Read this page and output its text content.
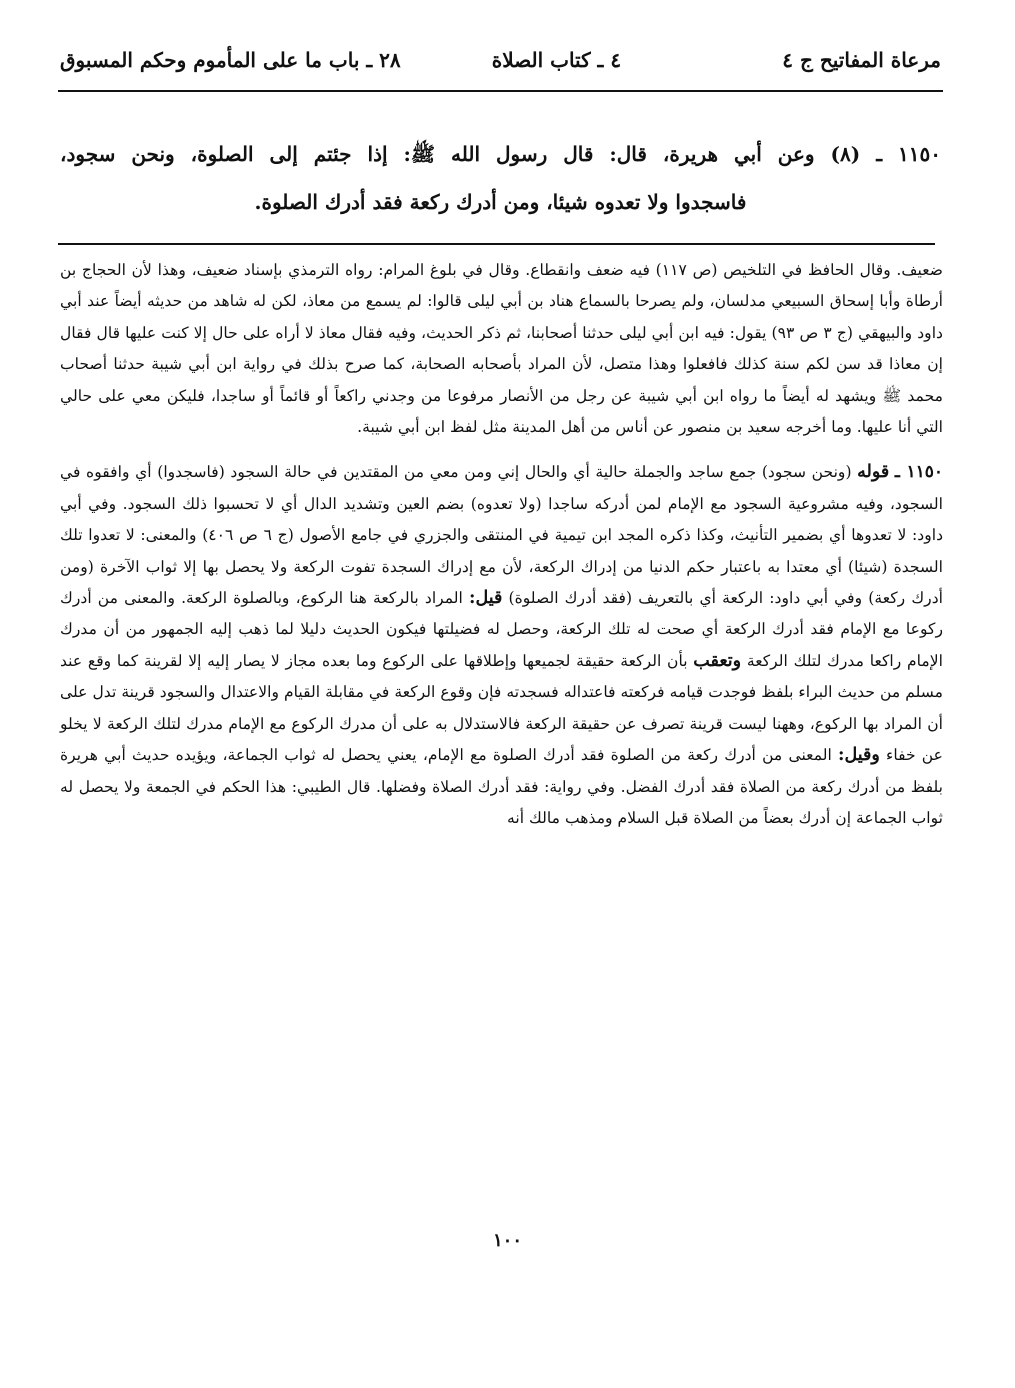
مرعاة المفاتيح ج ٤
٤ ـ كتاب الصلاة
٢٨ ـ باب ما على المأموم وحكم المسبوق

١١٥٠ ـ (٨) وعن أبي هريرة، قال: قال رسول الله ﷺ: إذا جئتم إلى الصلوة، ونحن سجود،

فاسجدوا ولا تعدوه شيئا، ومن أدرك ركعة فقد أدرك الصلوة.

ضعيف. وقال الحافظ في التلخيص (ص ١١٧) فيه ضعف وانقطاع. وقال في بلوغ المرام: رواه الترمذي بإسناد ضعيف، وهذا لأن الحجاج بن أرطاة وأبا إسحاق السبيعي مدلسان، ولم يصرحا بالسماع هناد بن أبي ليلى قالوا: لم يسمع من معاذ، لكن له شاهد من حديثه أيضاً عند أبي داود والبيهقي (ج ٣ ص ٩٣) يقول: فيه ابن أبي ليلى حدثنا أصحابنا، ثم ذكر الحديث، وفيه فقال معاذ لا أراه على حال إلا كنت عليها قال فقال إن معاذا قد سن لكم سنة كذلك فافعلوا وهذا متصل، لأن المراد بأصحابه الصحابة، كما صرح بذلك في رواية ابن أبي شيبة حدثنا أصحاب محمد ﷺ ويشهد له أيضاً ما رواه ابن أبي شيبة عن رجل من الأنصار مرفوعا من وجدني راكعاً أو قائماً أو ساجدا، فليكن معي على حالي التي أنا عليها. وما أخرجه سعيد بن منصور عن أناس من أهل المدينة مثل لفظ ابن أبي شيبة.

١١٥٠ ـ قوله (ونحن سجود) جمع ساجد والجملة حالية أي والحال إني ومن معي من المقتدين في حالة السجود (فاسجدوا) أي وافقوه في السجود، وفيه مشروعية السجود مع الإمام لمن أدركه ساجدا (ولا تعدوه) بضم العين وتشديد الدال أي لا تحسبوا ذلك السجود. وفي أبي داود: لا تعدوها أي بضمير التأنيث، وكذا ذكره المجد ابن تيمية في المنتقى والجزري في جامع الأصول (ج ٦ ص ٤٠٦) والمعنى: لا تعدوا تلك السجدة (شيئا) أي معتدا به باعتبار حكم الدنيا من إدراك الركعة، لأن مع إدراك السجدة تفوت الركعة ولا يحصل بها إلا ثواب الآخرة (ومن أدرك ركعة) وفي أبي داود: الركعة أي بالتعريف (فقد أدرك الصلوة) قيل: المراد بالركعة هنا الركوع، وبالصلوة الركعة. والمعنى من أدرك ركوعا مع الإمام فقد أدرك الركعة أي صحت له تلك الركعة، وحصل له فضيلتها فيكون الحديث دليلا لما ذهب إليه الجمهور من أن مدرك الإمام راكعا مدرك لتلك الركعة وتعقب بأن الركعة حقيقة لجميعها وإطلاقها على الركوع وما بعده مجاز لا يصار إليه إلا لقرينة كما وقع عند مسلم من حديث البراء بلفظ فوجدت قيامه فركعته فاعتداله فسجدته فإن وقوع الركعة في مقابلة القيام والاعتدال والسجود قرينة تدل على أن المراد بها الركوع، وههنا ليست قرينة تصرف عن حقيقة الركعة فالاستدلال به على أن مدرك الركوع مع الإمام مدرك لتلك الركعة لا يخلو عن خفاء وقيل: المعنى من أدرك ركعة من الصلوة فقد أدرك الصلوة مع الإمام، يعني يحصل له ثواب الجماعة، ويؤيده حديث أبي هريرة بلفظ من أدرك ركعة من الصلاة فقد أدرك الفضل. وفي رواية: فقد أدرك الصلاة وفضلها. قال الطيبي: هذا الحكم في الجمعة ولا يحصل له ثواب الجماعة إن أدرك بعضاً من الصلاة قبل السلام ومذهب مالك أنه

١٠٠
